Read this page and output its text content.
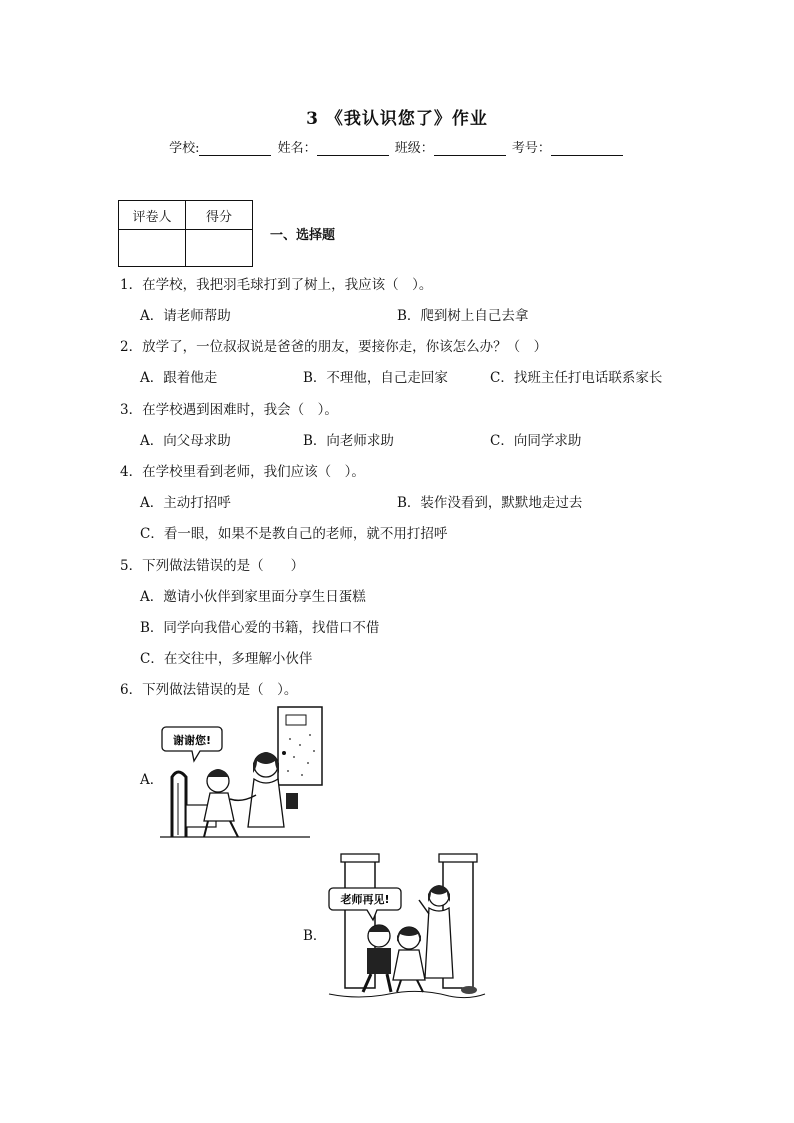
3 《我认识您了》作业
学校:	姓名：	班级：	考号：
评卷人	得分

一、选择题
1．在学校，我把羽毛球打到了树上，我应该（　）。
A．请老师帮助	B．爬到树上自己去拿
2．放学了，一位叔叔说是爸爸的朋友，要接你走，你该怎么办？（　）
A．跟着他走	B．不理他，自己走回家	C．找班主任打电话联系家长
3．在学校遇到困难时，我会（　）。
A．向父母求助	B．向老师求助	C．向同学求助
4．在学校里看到老师，我们应该（　）。
A．主动打招呼	B．装作没看到，默默地走过去
C．看一眼，如果不是教自己的老师，就不用打招呼
5．下列做法错误的是（　　）
A．邀请小伙伴到家里面分享生日蛋糕
B．同学向我借心爱的书籍，找借口不借
C．在交往中，多理解小伙伴
6．下列做法错误的是（　）。
A．
谢谢您!
B．
老师再见!
